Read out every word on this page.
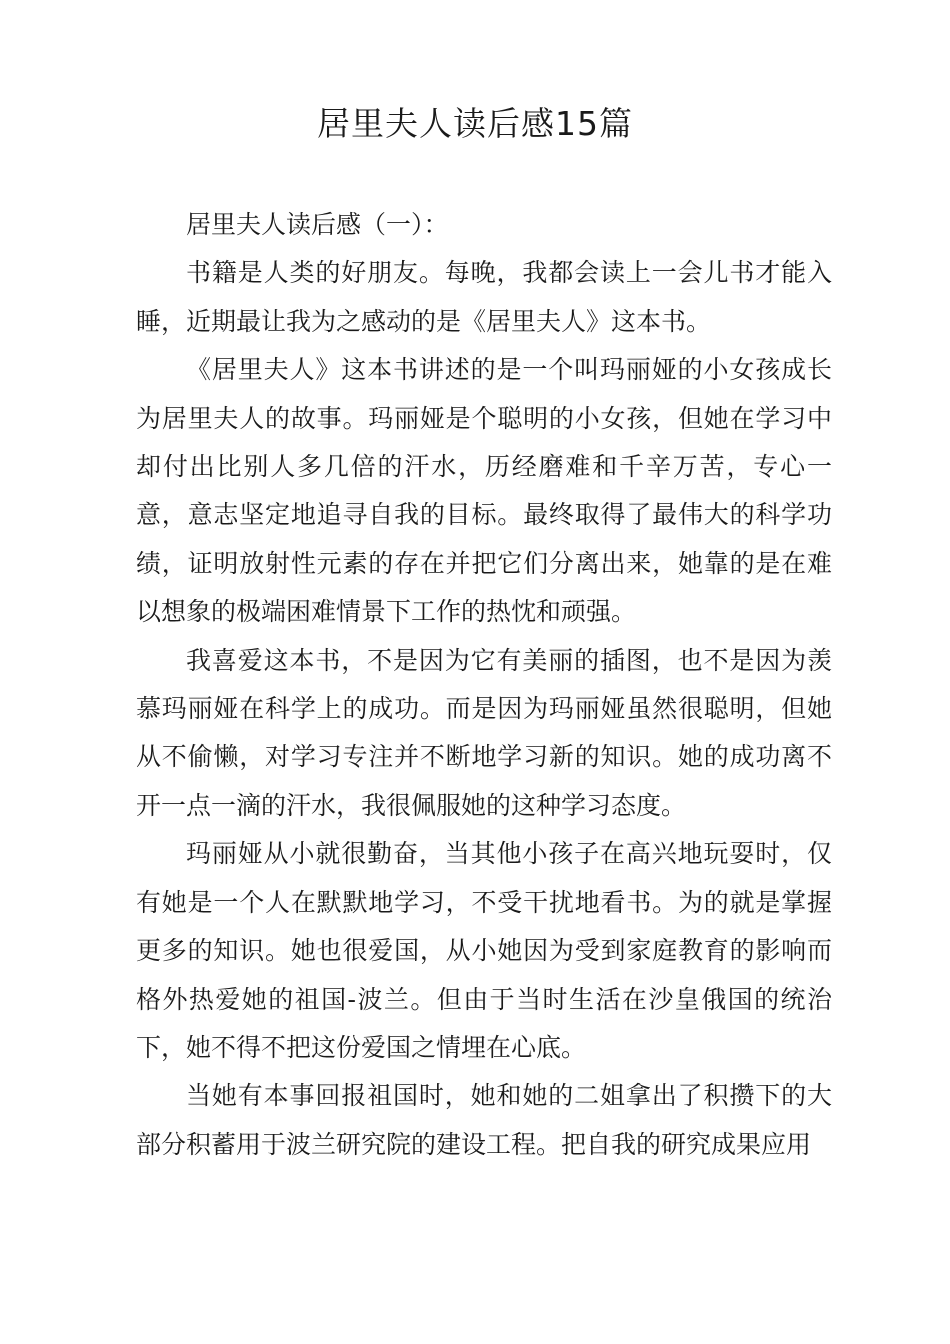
居里夫人读后感15篇

居里夫人读后感（一）：

书籍是人类的好朋友。每晚，我都会读上一会儿书才能入睡，近期最让我为之感动的是《居里夫人》这本书。

《居里夫人》这本书讲述的是一个叫玛丽娅的小女孩成长为居里夫人的故事。玛丽娅是个聪明的小女孩，但她在学习中却付出比别人多几倍的汗水，历经磨难和千辛万苦，专心一意，意志坚定地追寻自我的目标。最终取得了最伟大的科学功绩，证明放射性元素的存在并把它们分离出来，她靠的是在难以想象的极端困难情景下工作的热忱和顽强。

我喜爱这本书，不是因为它有美丽的插图，也不是因为羡慕玛丽娅在科学上的成功。而是因为玛丽娅虽然很聪明，但她从不偷懒，对学习专注并不断地学习新的知识。她的成功离不开一点一滴的汗水，我很佩服她的这种学习态度。

玛丽娅从小就很勤奋，当其他小孩子在高兴地玩耍时，仅有她是一个人在默默地学习，不受干扰地看书。为的就是掌握更多的知识。她也很爱国，从小她因为受到家庭教育的影响而格外热爱她的祖国-波兰。但由于当时生活在沙皇俄国的统治下，她不得不把这份爱国之情埋在心底。

当她有本事回报祖国时，她和她的二姐拿出了积攒下的大部分积蓄用于波兰研究院的建设工程。把自我的研究成果应用
